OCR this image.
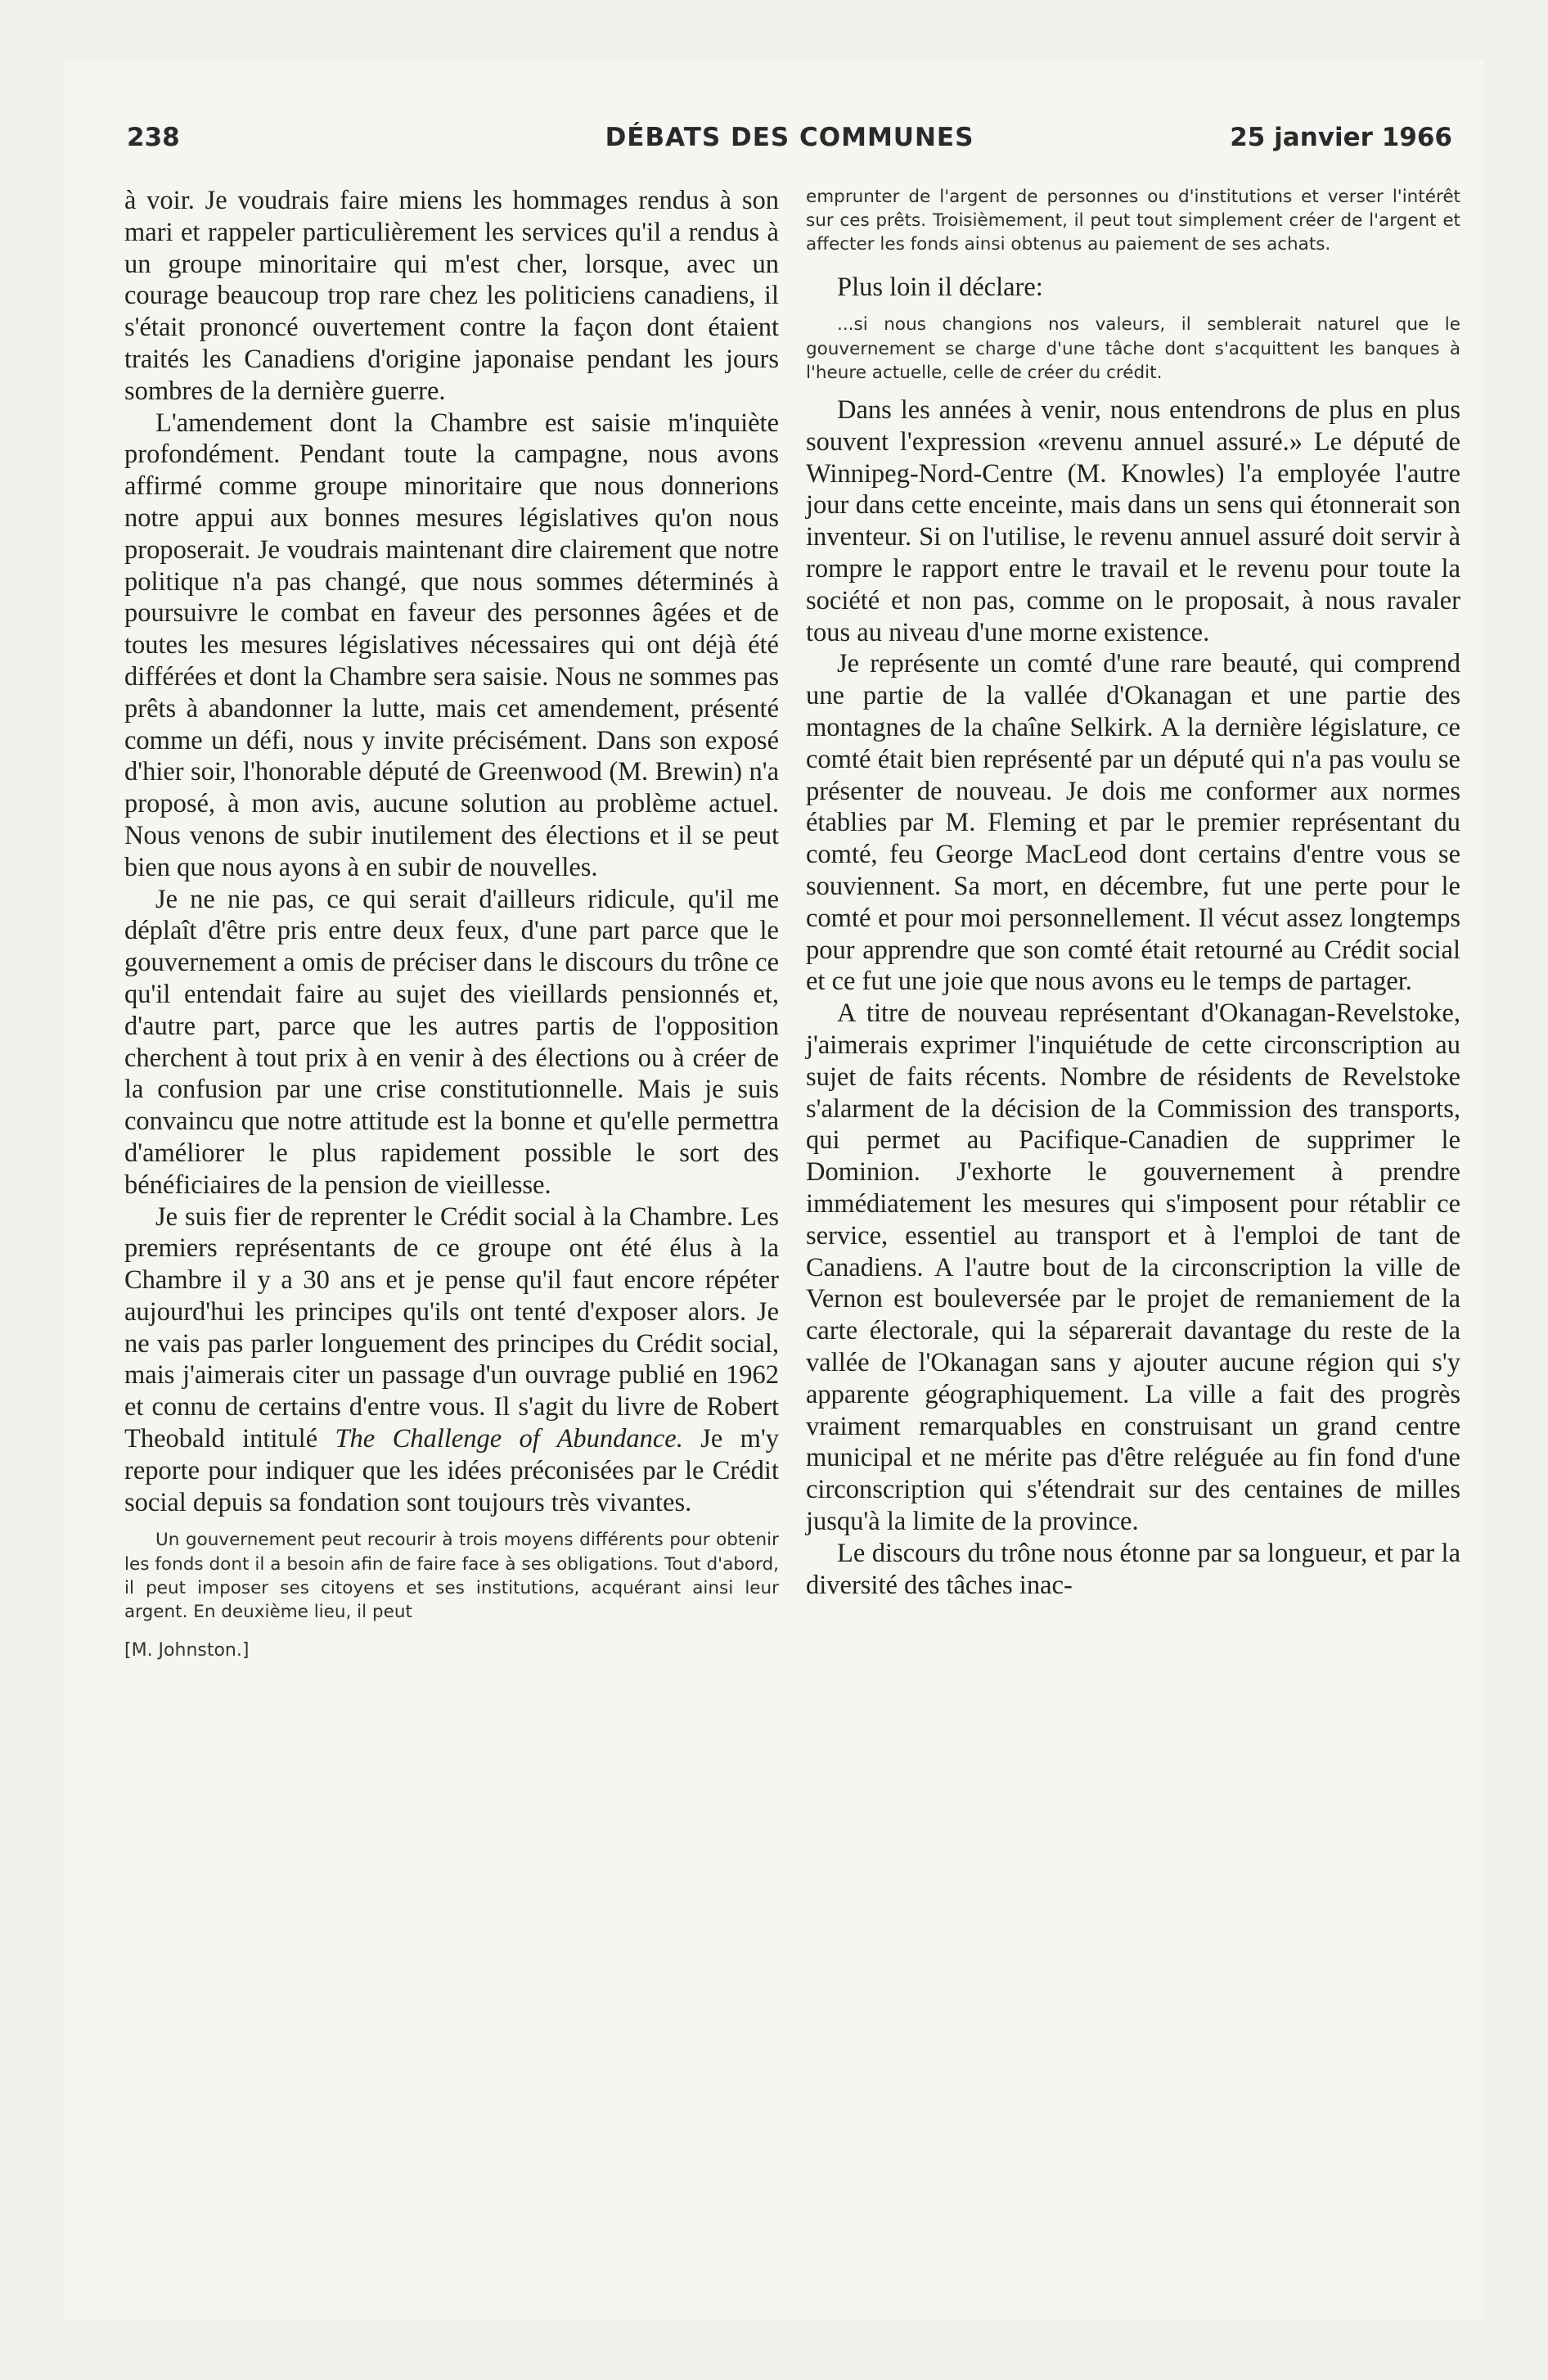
238	DÉBATS DES COMMUNES	25 janvier 1966

à voir. Je voudrais faire miens les hommages rendus à son mari et rappeler particulièrement les services qu'il a rendus à un groupe minoritaire qui m'est cher, lorsque, avec un courage beaucoup trop rare chez les politiciens canadiens, il s'était prononcé ouvertement contre la façon dont étaient traités les Canadiens d'origine japonaise pendant les jours sombres de la dernière guerre.

L'amendement dont la Chambre est saisie m'inquiète profondément. Pendant toute la campagne, nous avons affirmé comme groupe minoritaire que nous donnerions notre appui aux bonnes mesures législatives qu'on nous proposerait. Je voudrais maintenant dire clairement que notre politique n'a pas changé, que nous sommes déterminés à poursuivre le combat en faveur des personnes âgées et de toutes les mesures législatives nécessaires qui ont déjà été différées et dont la Chambre sera saisie. Nous ne sommes pas prêts à abandonner la lutte, mais cet amendement, présenté comme un défi, nous y invite précisément. Dans son exposé d'hier soir, l'honorable député de Greenwood (M. Brewin) n'a proposé, à mon avis, aucune solution au problème actuel. Nous venons de subir inutilement des élections et il se peut bien que nous ayons à en subir de nouvelles.

Je ne nie pas, ce qui serait d'ailleurs ridicule, qu'il me déplaît d'être pris entre deux feux, d'une part parce que le gouvernement a omis de préciser dans le discours du trône ce qu'il entendait faire au sujet des vieillards pensionnés et, d'autre part, parce que les autres partis de l'opposition cherchent à tout prix à en venir à des élections ou à créer de la confusion par une crise constitutionnelle. Mais je suis convaincu que notre attitude est la bonne et qu'elle permettra d'améliorer le plus rapidement possible le sort des bénéficiaires de la pension de vieillesse.

Je suis fier de reprenter le Crédit social à la Chambre. Les premiers représentants de ce groupe ont été élus à la Chambre il y a 30 ans et je pense qu'il faut encore répéter aujourd'hui les principes qu'ils ont tenté d'exposer alors. Je ne vais pas parler longuement des principes du Crédit social, mais j'aimerais citer un passage d'un ouvrage publié en 1962 et connu de certains d'entre vous. Il s'agit du livre de Robert Theobald intitulé The Challenge of Abundance. Je m'y reporte pour indiquer que les idées préconisées par le Crédit social depuis sa fondation sont toujours très vivantes.

Un gouvernement peut recourir à trois moyens différents pour obtenir les fonds dont il a besoin afin de faire face à ses obligations. Tout d'abord, il peut imposer ses citoyens et ses institutions, acquérant ainsi leur argent. En deuxième lieu, il peut

[M. Johnston.]

emprunter de l'argent de personnes ou d'institutions et verser l'intérêt sur ces prêts. Troisièmement, il peut tout simplement créer de l'argent et affecter les fonds ainsi obtenus au paiement de ses achats.

Plus loin il déclare:

...si nous changions nos valeurs, il semblerait naturel que le gouvernement se charge d'une tâche dont s'acquittent les banques à l'heure actuelle, celle de créer du crédit.

Dans les années à venir, nous entendrons de plus en plus souvent l'expression «revenu annuel assuré.» Le député de Winnipeg-Nord-Centre (M. Knowles) l'a employée l'autre jour dans cette enceinte, mais dans un sens qui étonnerait son inventeur. Si on l'utilise, le revenu annuel assuré doit servir à rompre le rapport entre le travail et le revenu pour toute la société et non pas, comme on le proposait, à nous ravaler tous au niveau d'une morne existence.

Je représente un comté d'une rare beauté, qui comprend une partie de la vallée d'Okanagan et une partie des montagnes de la chaîne Selkirk. A la dernière législature, ce comté était bien représenté par un député qui n'a pas voulu se présenter de nouveau. Je dois me conformer aux normes établies par M. Fleming et par le premier représentant du comté, feu George MacLeod dont certains d'entre vous se souviennent. Sa mort, en décembre, fut une perte pour le comté et pour moi personnellement. Il vécut assez longtemps pour apprendre que son comté était retourné au Crédit social et ce fut une joie que nous avons eu le temps de partager.

A titre de nouveau représentant d'Okanagan-Revelstoke, j'aimerais exprimer l'inquiétude de cette circonscription au sujet de faits récents. Nombre de résidents de Revelstoke s'alarment de la décision de la Commission des transports, qui permet au Pacifique-Canadien de supprimer le Dominion. J'exhorte le gouvernement à prendre immédiatement les mesures qui s'imposent pour rétablir ce service, essentiel au transport et à l'emploi de tant de Canadiens. A l'autre bout de la circonscription la ville de Vernon est bouleversée par le projet de remaniement de la carte électorale, qui la séparerait davantage du reste de la vallée de l'Okanagan sans y ajouter aucune région qui s'y apparente géographiquement. La ville a fait des progrès vraiment remarquables en construisant un grand centre municipal et ne mérite pas d'être reléguée au fin fond d'une circonscription qui s'étendrait sur des centaines de milles jusqu'à la limite de la province.

Le discours du trône nous étonne par sa longueur, et par la diversité des tâches inac-
